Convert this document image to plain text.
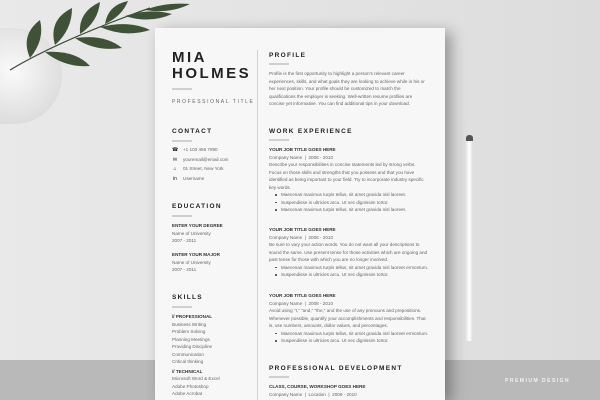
MIA
HOLMES
PROFESSIONAL TITLE
CONTACT
☎ +1 103 456 7890
✉ youremail@email.com
⌂	01 Street, New York
in Username
EDUCATION
ENTER YOUR DEGREE
Name of University
2007 - 2011
ENTER YOUR MAJOR
Name of University
2007 - 2011
SKILLS
// PROFESSIONAL
Business Writing
Problem Solving
Planning Meetings
Providing Discipline
Communication
Critical thinking
// TECHNICAL
Microsoft Word & Excel
Adobe Photoshop
Adobe Acrobat
PROFILE
Profile is the first opportunity to highlight a person's relevant career
experiences, skills, and what goals they are looking to achieve while in his or
her next position. Your profile should be customized to match the
qualifications the employer is seeking. Well-written resume profiles are
concise yet informative. You can find additional tips in your download.
WORK EXPERIENCE
YOUR JOB TITLE GOES HERE
Company Name  |  2008 - 2010
Describe your responsibilities in concise statements led by strong verbs.
Focus on those skills and strengths that you possess and that you have
identified as being important to your field. Try to incorporate industry specific
key words.
Maecenas maximus turpis tellus, sit amet gravida nisl laoreet.
Suspendisse in ultricies arcu. Ut nec dignissim tortor.
Maecenas maximus turpis tellus, sit amet gravida nisl laoreet.
YOUR JOB TITLE GOES HERE
Company Name  |  2008 - 2010
Be sure to vary your action words. You do not want all your descriptions to
sound the same. Use present tense for those activities which are ongoing and
past tense for those with which you are no longer involved.
Maecenas maximus turpis tellus, sit amet gravida nisl laoreet ermontum.
Suspendisse in ultricies arcu. Ut nec dignissim tortor.
YOUR JOB TITLE GOES HERE
Company Name  |  2008 - 2010
Avoid using "I," "and," "the," and the use of any pronouns and prepositions.
Whenever possible, quantify your accomplishments and responsibilities. That
is, use numbers, amounts, dollar values, and percentages.
Maecenas maximus turpis tellus, sit amet gravida nisl laoreet ermontum.
Suspendisse in ultricies arcu. Ut nec dignissim tortor.
PROFESSIONAL DEVELOPMENT
CLASS, COURSE, WORKSHOP GOES HERE
Company Name  |  Location  |  2008 - 2010
PREMIUM DESIGN
